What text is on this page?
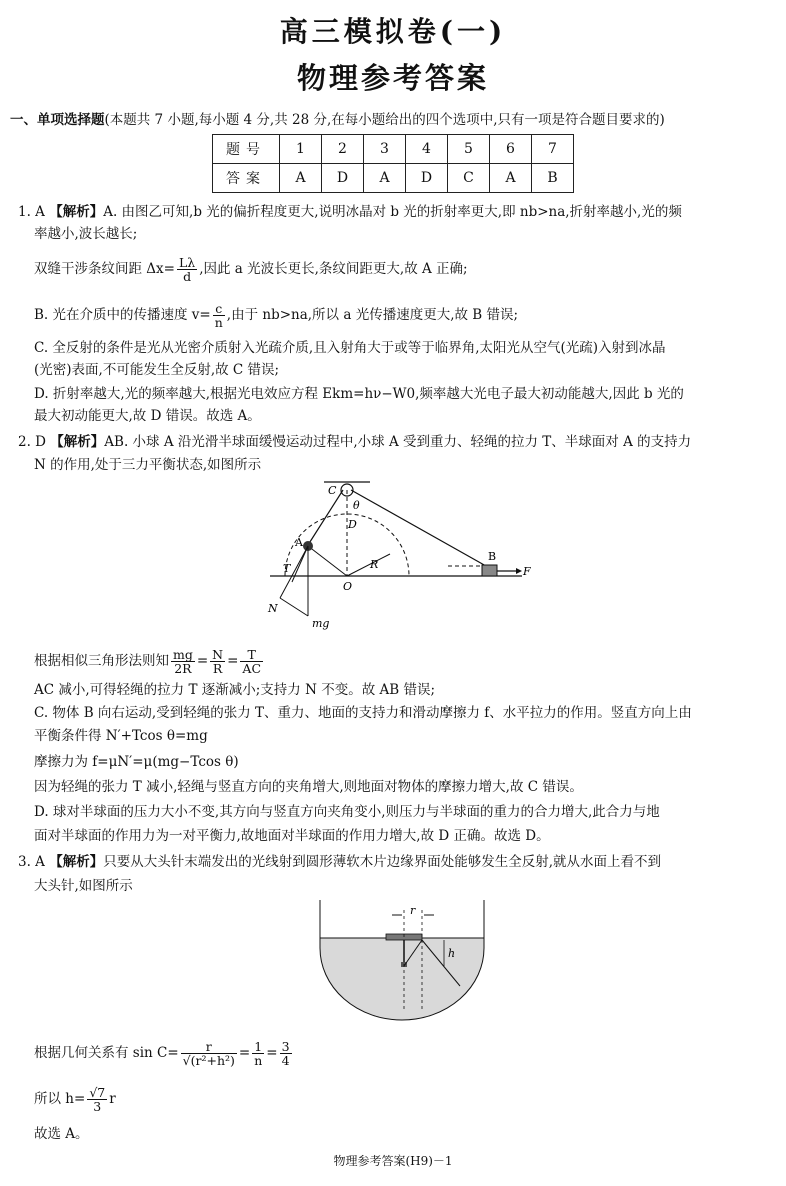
高三模拟卷(一)
物理参考答案
一、单项选择题(本题共 7 小题,每小题 4 分,共 28 分,在每小题给出的四个选项中,只有一项是符合题目要求的)
题号	1	2	3	4	5	6	7
答案	A	D	A	D	C	A	B
1. A 【解析】A. 由图乙可知,b 光的偏折程度更大,说明冰晶对 b 光的折射率更大,即 nb>na,折射率越小,光的频
率越小,波长越长;
双缝干涉条纹间距 $\Delta x= \frac{L\lambda}{d}$ ,因此 a 光波长更长,条纹间距更大,故 A 正确;
B. 光在介质中的传播速度 $v= \frac{c}{n}$ ,由于 nb>na,所以 a 光传播速度更大,故 B 错误;
C. 全反射的条件是光从光密介质射入光疏介质,且入射角大于或等于临界角,太阳光从空气(光疏)入射到冰晶
(光密)表面,不可能发生全反射,故 C 错误;
D. 折射率越大,光的频率越大,根据光电效应方程 Ekm=hν−W0,频率越大光电子最大初动能越大,因此 b 光的
最大初动能更大,故 D 错误。故选 A。
2. D 【解析】AB. 小球 A 沿光滑半球面缓慢运动过程中,小球 A 受到重力、轻绳的拉力 T、半球面对 A 的支持力
N 的作用,处于三力平衡状态,如图所示
C
θ
D
A
B
F
T	R
O
N
mg
根据相似三角形法则知 $\frac{mg}{2R} = \frac{N}{R} = \frac{T}{AC}$
AC 减小,可得轻绳的拉力 T 逐渐减小;支持力 N 不变。故 AB 错误;
C. 物体 B 向右运动,受到轻绳的张力 T、重力、地面的支持力和滑动摩擦力 f、水平拉力的作用。竖直方向上由
平衡条件得 N′+Tcos θ=mg
摩擦力为 f=μN′=μ(mg−Tcos θ)
因为轻绳的张力 T 减小,轻绳与竖直方向的夹角增大,则地面对物体的摩擦力增大,故 C 错误。
D. 球对半球面的压力大小不变,其方向与竖直方向夹角变小,则压力与半球面的重力的合力增大,此合力与地
面对半球面的作用力为一对平衡力,故地面对半球面的作用力增大,故 D 正确。故选 D。
3. A 【解析】只要从大头针末端发出的光线射到圆形薄软木片边缘界面处能够发生全反射,就从水面上看不到
大头针,如图所示
r
h
根据几何关系有 $\sin C= \frac{r}{\text{√(r²+h²)}} = \frac{1}{n} = \frac{3}{4}$
所以 $h= \frac{√7}{3}$ r
故选 A。
物理参考答案(H9)－1
